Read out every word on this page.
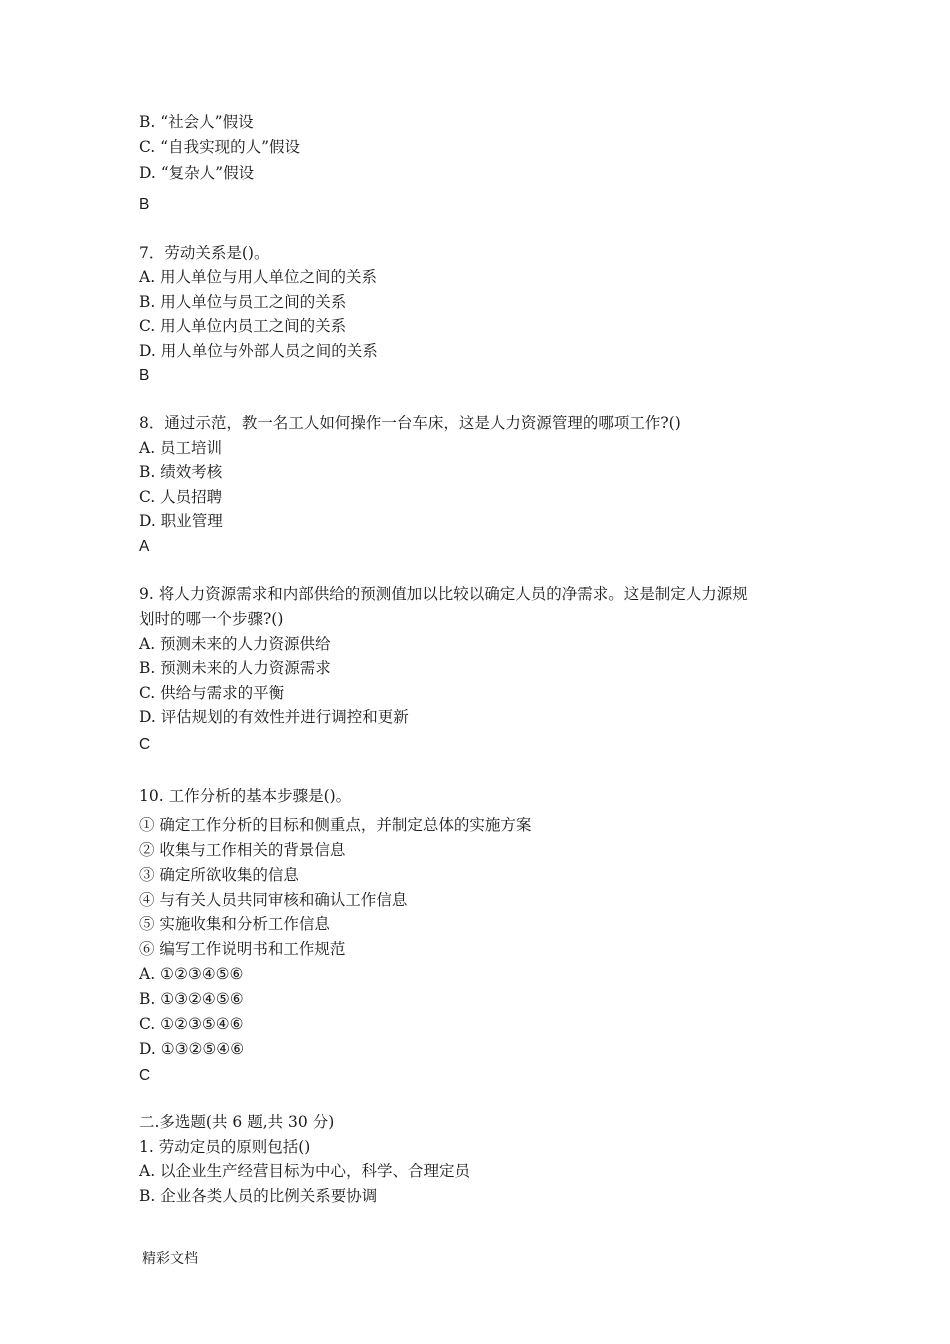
B. “社会人”假设
C. “自我实现的人”假设
D. “复杂人”假设
B
7．劳动关系是()。
A. 用人单位与用人单位之间的关系
B. 用人单位与员工之间的关系
C. 用人单位内员工之间的关系
D. 用人单位与外部人员之间的关系
B
8．通过示范，教一名工人如何操作一台车床，这是人力资源管理的哪项工作?()
A. 员工培训
B. 绩效考核
C. 人员招聘
D. 职业管理
A
9. 将人力资源需求和内部供给的预测值加以比较以确定人员的净需求。这是制定人力源规
划时的哪一个步骤?()
A. 预测未来的人力资源供给
B. 预测未来的人力资源需求
C. 供给与需求的平衡
D. 评估规划的有效性并进行调控和更新
C
10. 工作分析的基本步骤是()。
① 确定工作分析的目标和侧重点，并制定总体的实施方案
② 收集与工作相关的背景信息
③ 确定所欲收集的信息
④ 与有关人员共同审核和确认工作信息
⑤ 实施收集和分析工作信息
⑥ 编写工作说明书和工作规范
A. ①②③④⑤⑥
B. ①③②④⑤⑥
C. ①②③⑤④⑥
D. ①③②⑤④⑥
C
二.多选题(共 6 题,共 30 分)
1. 劳动定员的原则包括()
A. 以企业生产经营目标为中心，科学、合理定员
B. 企业各类人员的比例关系要协调
精彩文档
